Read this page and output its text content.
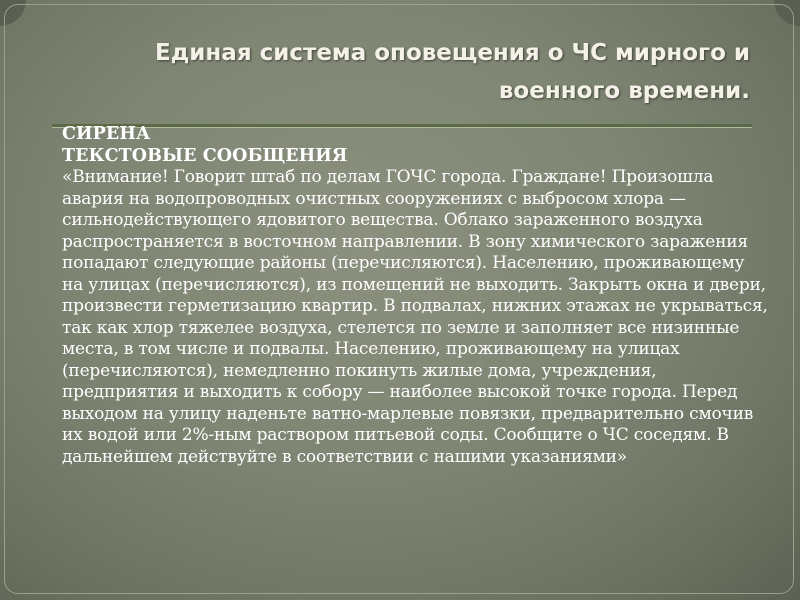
Единая система оповещения о ЧС мирного и
военного времени.
СИРЕНА
ТЕКСТОВЫЕ СООБЩЕНИЯ
«Внимание! Говорит штаб по делам ГОЧС города. Граждане! Произошла авария на водопроводных очистных сооружениях с выбросом хлора — сильнодействующего ядовитого вещества. Облако зараженного воздуха распространяется в восточном направлении. В зону химического заражения попадают следующие районы (перечисляются). Населению, проживающему на улицах (перечисляются), из помещений не выходить. Закрыть окна и двери, произвести герметизацию квартир. В подвалах, нижних этажах не укрываться, так как хлор тяжелее воздуха, стелется по земле и заполняет все низинные места, в том числе и подвалы. Населению, проживающему на улицах (перечисляются), немедленно покинуть жилые дома, учреждения, предприятия и выходить к собору — наиболее высокой точке города. Перед выходом на улицу наденьте ватно-марлевые повязки, предварительно смочив их водой или 2%-ным раствором питьевой соды. Сообщите о ЧС соседям. В дальнейшем действуйте в соответствии с нашими указаниями»
